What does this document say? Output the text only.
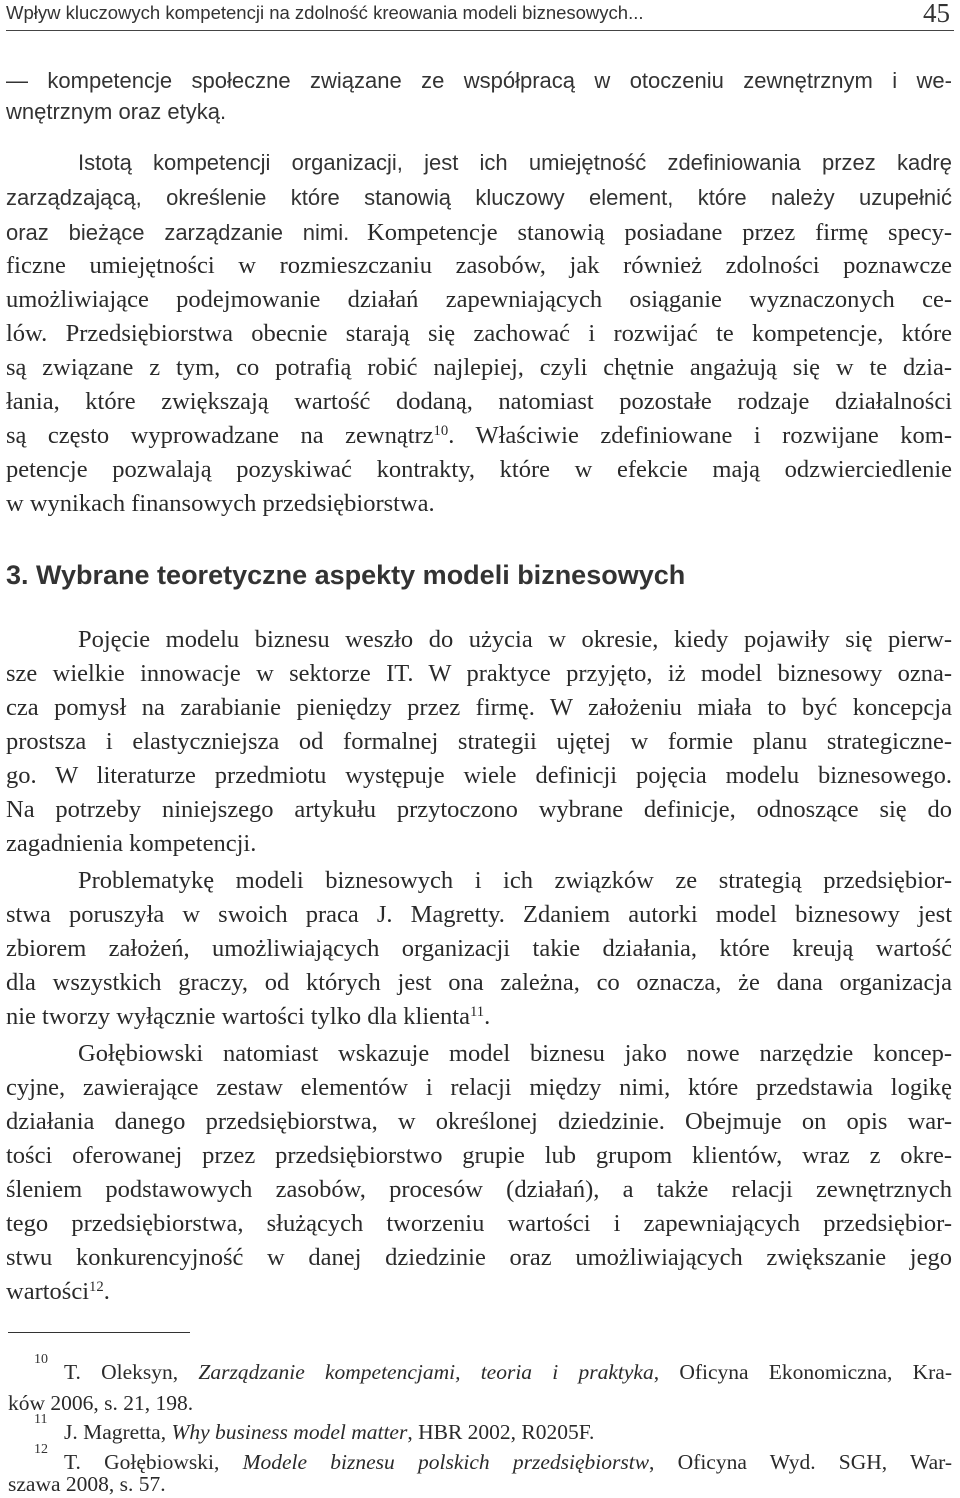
Wpływ kluczowych kompetencji na zdolność kreowania modeli biznesowych...	45
— kompetencje społeczne związane ze współpracą w otoczeniu zewnętrznym i we-
wnętrznym oraz etyką.
Istotą kompetencji organizacji, jest ich umiejętność zdefiniowania przez kadrę
zarządzającą, określenie które stanowią kluczowy element, które należy uzupełnić
oraz bieżące zarządzanie nimi. Kompetencje stanowią posiadane przez firmę specy-
ficzne umiejętności w rozmieszczaniu zasobów, jak również zdolności poznawcze
umożliwiające podejmowanie działań zapewniających osiąganie wyznaczonych ce-
lów. Przedsiębiorstwa obecnie starają się zachować i rozwijać te kompetencje, które
są związane z tym, co potrafią robić najlepiej, czyli chętnie angażują się w te dzia-
łania, które zwiększają wartość dodaną, natomiast pozostałe rodzaje działalności
są często wyprowadzane na zewnątrz$^{10}$. Właściwie zdefiniowane i rozwijane kom-
petencje pozwalają pozyskiwać kontrakty, które w efekcie mają odzwierciedlenie
w wynikach finansowych przedsiębiorstwa.
3. Wybrane teoretyczne aspekty modeli biznesowych
Pojęcie modelu biznesu weszło do użycia w okresie, kiedy pojawiły się pierw-
sze wielkie innowacje w sektorze IT. W praktyce przyjęto, iż model biznesowy ozna-
cza pomysł na zarabianie pieniędzy przez firmę. W założeniu miała to być koncepcja
prostsza i elastyczniejsza od formalnej strategii ujętej w formie planu strategiczne-
go. W literaturze przedmiotu występuje wiele definicji pojęcia modelu biznesowego.
Na potrzeby niniejszego artykułu przytoczono wybrane definicje, odnoszące się do
zagadnienia kompetencji.
Problematykę modeli biznesowych i ich związków ze strategią przedsiębior-
stwa poruszyła w swoich praca J. Magretty. Zdaniem autorki model biznesowy jest
zbiorem założeń, umożliwiających organizacji takie działania, które kreują wartość
dla wszystkich graczy, od których jest ona zależna, co oznacza, że dana organizacja
nie tworzy wyłącznie wartości tylko dla klienta$^{11}$.
Gołębiowski natomiast wskazuje model biznesu jako nowe narzędzie koncep-
cyjne, zawierające zestaw elementów i relacji między nimi, które przedstawia logikę
działania danego przedsiębiorstwa, w określonej dziedzinie. Obejmuje on opis war-
tości oferowanej przez przedsiębiorstwo grupie lub grupom klientów, wraz z okre-
śleniem podstawowych zasobów, procesów (działań), a także relacji zewnętrznych
tego przedsiębiorstwa, służących tworzeniu wartości i zapewniających przedsiębior-
stwu konkurencyjność w danej dziedzinie oraz umożliwiających zwiększanie jego
wartości$^{12}$.
10
T. Oleksyn, Zarządzanie kompetencjami, teoria i praktyka, Oficyna Ekonomiczna, Kra-
ków 2006, s. 21, 198.
11
J. Magretta, Why business model matter, HBR 2002, R0205F.
12
T. Gołębiowski, Modele biznesu polskich przedsiębiorstw, Oficyna Wyd. SGH, War-
szawa 2008, s. 57.
